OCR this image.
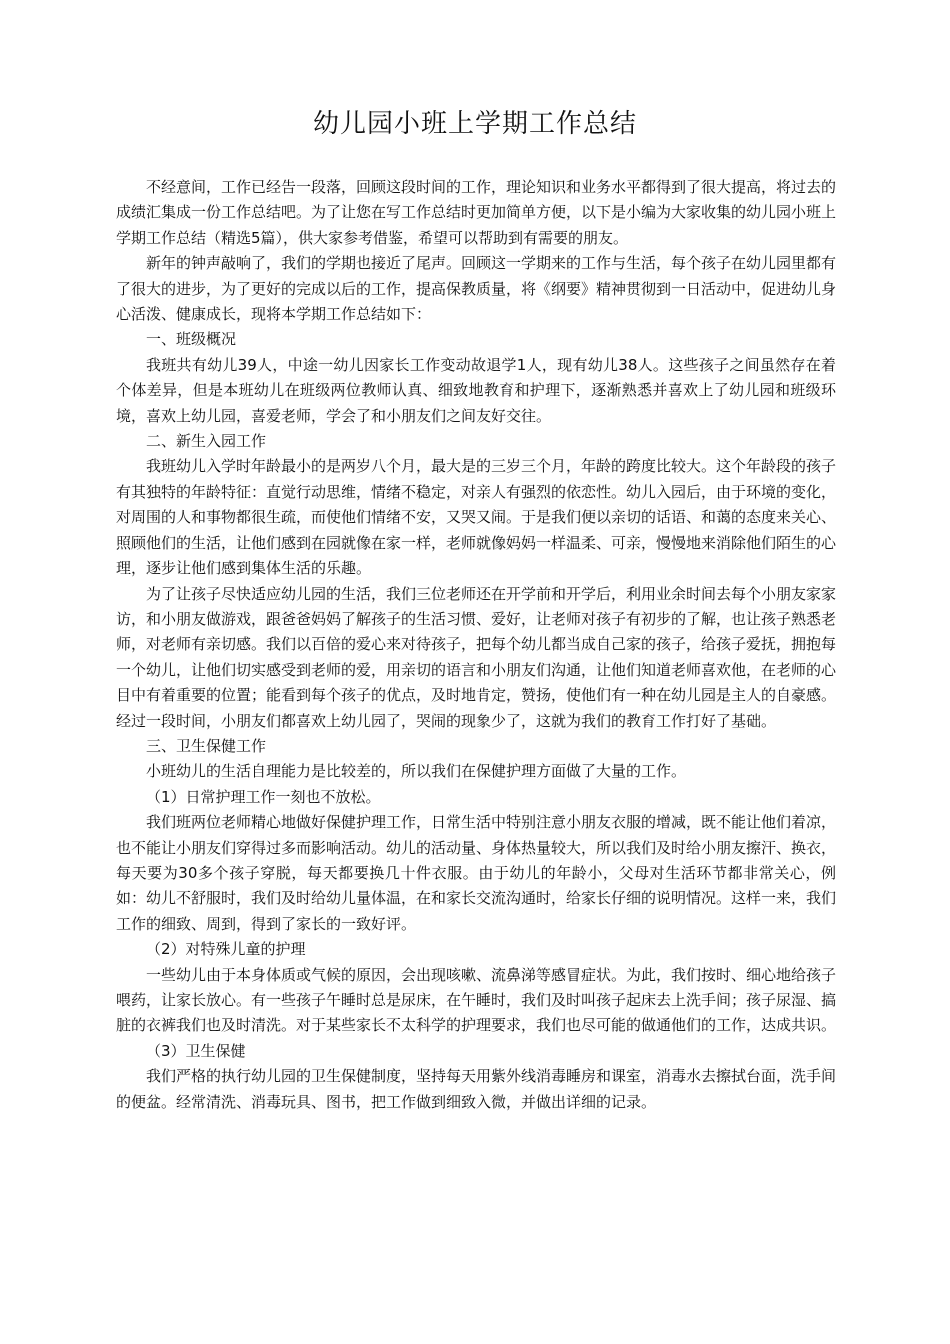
幼儿园小班上学期工作总结

不经意间，工作已经告一段落，回顾这段时间的工作，理论知识和业务水平都得到了很大提高，将过去的成绩汇集成一份工作总结吧。为了让您在写工作总结时更加简单方便，以下是小编为大家收集的幼儿园小班上学期工作总结（精选5篇），供大家参考借鉴，希望可以帮助到有需要的朋友。

新年的钟声敲响了，我们的学期也接近了尾声。回顾这一学期来的工作与生活，每个孩子在幼儿园里都有了很大的进步，为了更好的完成以后的工作，提高保教质量，将《纲要》精神贯彻到一日活动中，促进幼儿身心活泼、健康成长，现将本学期工作总结如下：

一、班级概况

我班共有幼儿39人，中途一幼儿因家长工作变动故退学1人，现有幼儿38人。这些孩子之间虽然存在着个体差异，但是本班幼儿在班级两位教师认真、细致地教育和护理下，逐渐熟悉并喜欢上了幼儿园和班级环境，喜欢上幼儿园，喜爱老师，学会了和小朋友们之间友好交往。

二、新生入园工作

我班幼儿入学时年龄最小的是两岁八个月，最大是的三岁三个月，年龄的跨度比较大。这个年龄段的孩子有其独特的年龄特征：直觉行动思维，情绪不稳定，对亲人有强烈的依恋性。幼儿入园后，由于环境的变化，对周围的人和事物都很生疏，而使他们情绪不安，又哭又闹。于是我们便以亲切的话语、和蔼的态度来关心、照顾他们的生活，让他们感到在园就像在家一样，老师就像妈妈一样温柔、可亲，慢慢地来消除他们陌生的心理，逐步让他们感到集体生活的乐趣。

为了让孩子尽快适应幼儿园的生活，我们三位老师还在开学前和开学后，利用业余时间去每个小朋友家家访，和小朋友做游戏，跟爸爸妈妈了解孩子的生活习惯、爱好，让老师对孩子有初步的了解，也让孩子熟悉老师，对老师有亲切感。我们以百倍的爱心来对待孩子，把每个幼儿都当成自己家的孩子，给孩子爱抚，拥抱每一个幼儿，让他们切实感受到老师的爱，用亲切的语言和小朋友们沟通，让他们知道老师喜欢他，在老师的心目中有着重要的位置；能看到每个孩子的优点，及时地肯定，赞扬，使他们有一种在幼儿园是主人的自豪感。经过一段时间，小朋友们都喜欢上幼儿园了，哭闹的现象少了，这就为我们的教育工作打好了基础。

三、卫生保健工作

小班幼儿的生活自理能力是比较差的，所以我们在保健护理方面做了大量的工作。

（1）日常护理工作一刻也不放松。

我们班两位老师精心地做好保健护理工作，日常生活中特别注意小朋友衣服的增减，既不能让他们着凉，也不能让小朋友们穿得过多而影响活动。幼儿的活动量、身体热量较大，所以我们及时给小朋友擦汗、换衣，每天要为30多个孩子穿脱，每天都要换几十件衣服。由于幼儿的年龄小，父母对生活环节都非常关心，例如：幼儿不舒服时，我们及时给幼儿量体温，在和家长交流沟通时，给家长仔细的说明情况。这样一来，我们工作的细致、周到，得到了家长的一致好评。

（2）对特殊儿童的护理

一些幼儿由于本身体质或气候的原因，会出现咳嗽、流鼻涕等感冒症状。为此，我们按时、细心地给孩子喂药，让家长放心。有一些孩子午睡时总是尿床，在午睡时，我们及时叫孩子起床去上洗手间；孩子尿湿、搞脏的衣裤我们也及时清洗。对于某些家长不太科学的护理要求，我们也尽可能的做通他们的工作，达成共识。

（3）卫生保健

我们严格的执行幼儿园的卫生保健制度，坚持每天用紫外线消毒睡房和课室，消毒水去擦拭台面，洗手间的便盆。经常清洗、消毒玩具、图书，把工作做到细致入微，并做出详细的记录。
